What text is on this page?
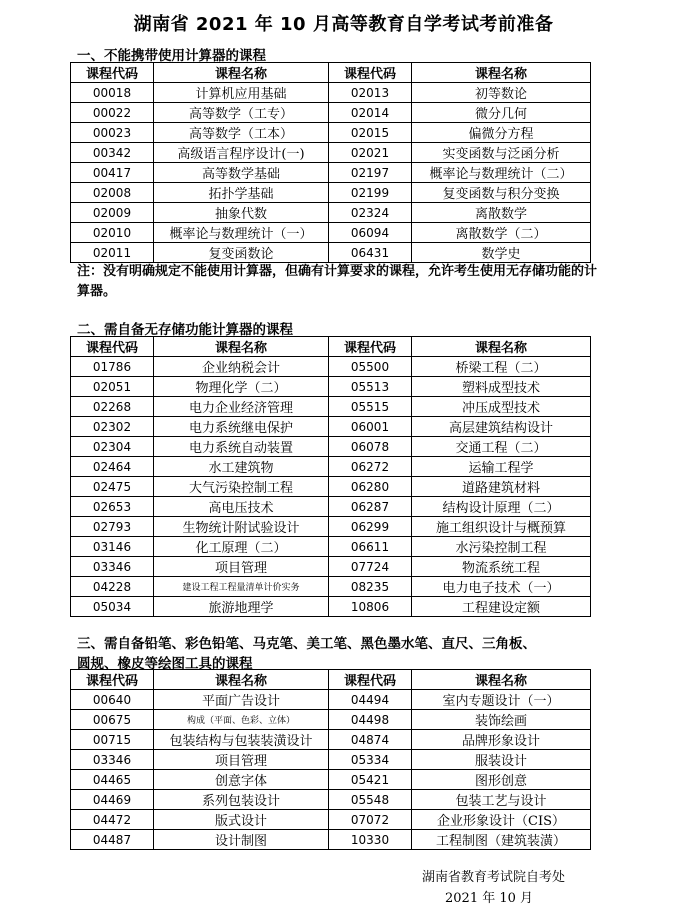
湖南省 2021 年 10 月高等教育自学考试考前准备
一、不能携带使用计算器的课程
课程代码	课程名称	课程代码	课程名称
00018	计算机应用基础	02013	初等数论
00022	高等数学（工专）	02014	微分几何
00023	高等数学（工本）	02015	偏微分方程
00342	高级语言程序设计(一)	02021	实变函数与泛函分析
00417	高等数学基础	02197	概率论与数理统计（二）
02008	拓扑学基础	02199	复变函数与积分变换
02009	抽象代数	02324	离散数学
02010	概率论与数理统计（一）	06094	离散数学（二）
02011	复变函数论	06431	数学史
注：没有明确规定不能使用计算器，但确有计算要求的课程，允许考生使用无存储功能的计算器。
二、需自备无存储功能计算器的课程
课程代码	课程名称	课程代码	课程名称
01786	企业纳税会计	05500	桥梁工程（二）
02051	物理化学（二）	05513	塑料成型技术
02268	电力企业经济管理	05515	冲压成型技术
02302	电力系统继电保护	06001	高层建筑结构设计
02304	电力系统自动装置	06078	交通工程（二）
02464	水工建筑物	06272	运输工程学
02475	大气污染控制工程	06280	道路建筑材料
02653	高电压技术	06287	结构设计原理（二）
02793	生物统计附试验设计	06299	施工组织设计与概预算
03146	化工原理（二）	06611	水污染控制工程
03346	项目管理	07724	物流系统工程
04228	建设工程工程量清单计价实务	08235	电力电子技术（一）
05034	旅游地理学	10806	工程建设定额
三、需自备铅笔、彩色铅笔、马克笔、美工笔、黑色墨水笔、直尺、三角板、
圆规、橡皮等绘图工具的课程
课程代码	课程名称	课程代码	课程名称
00640	平面广告设计	04494	室内专题设计（一）
00675	构成（平面、色彩、立体）	04498	装饰绘画
00715	包装结构与包装装潢设计	04874	品牌形象设计
03346	项目管理	05334	服装设计
04465	创意字体	05421	图形创意
04469	系列包装设计	05548	包装工艺与设计
04472	版式设计	07072	企业形象设计（CIS）
04487	设计制图	10330	工程制图（建筑装潢）
湖南省教育考试院自考处
2021 年 10 月
